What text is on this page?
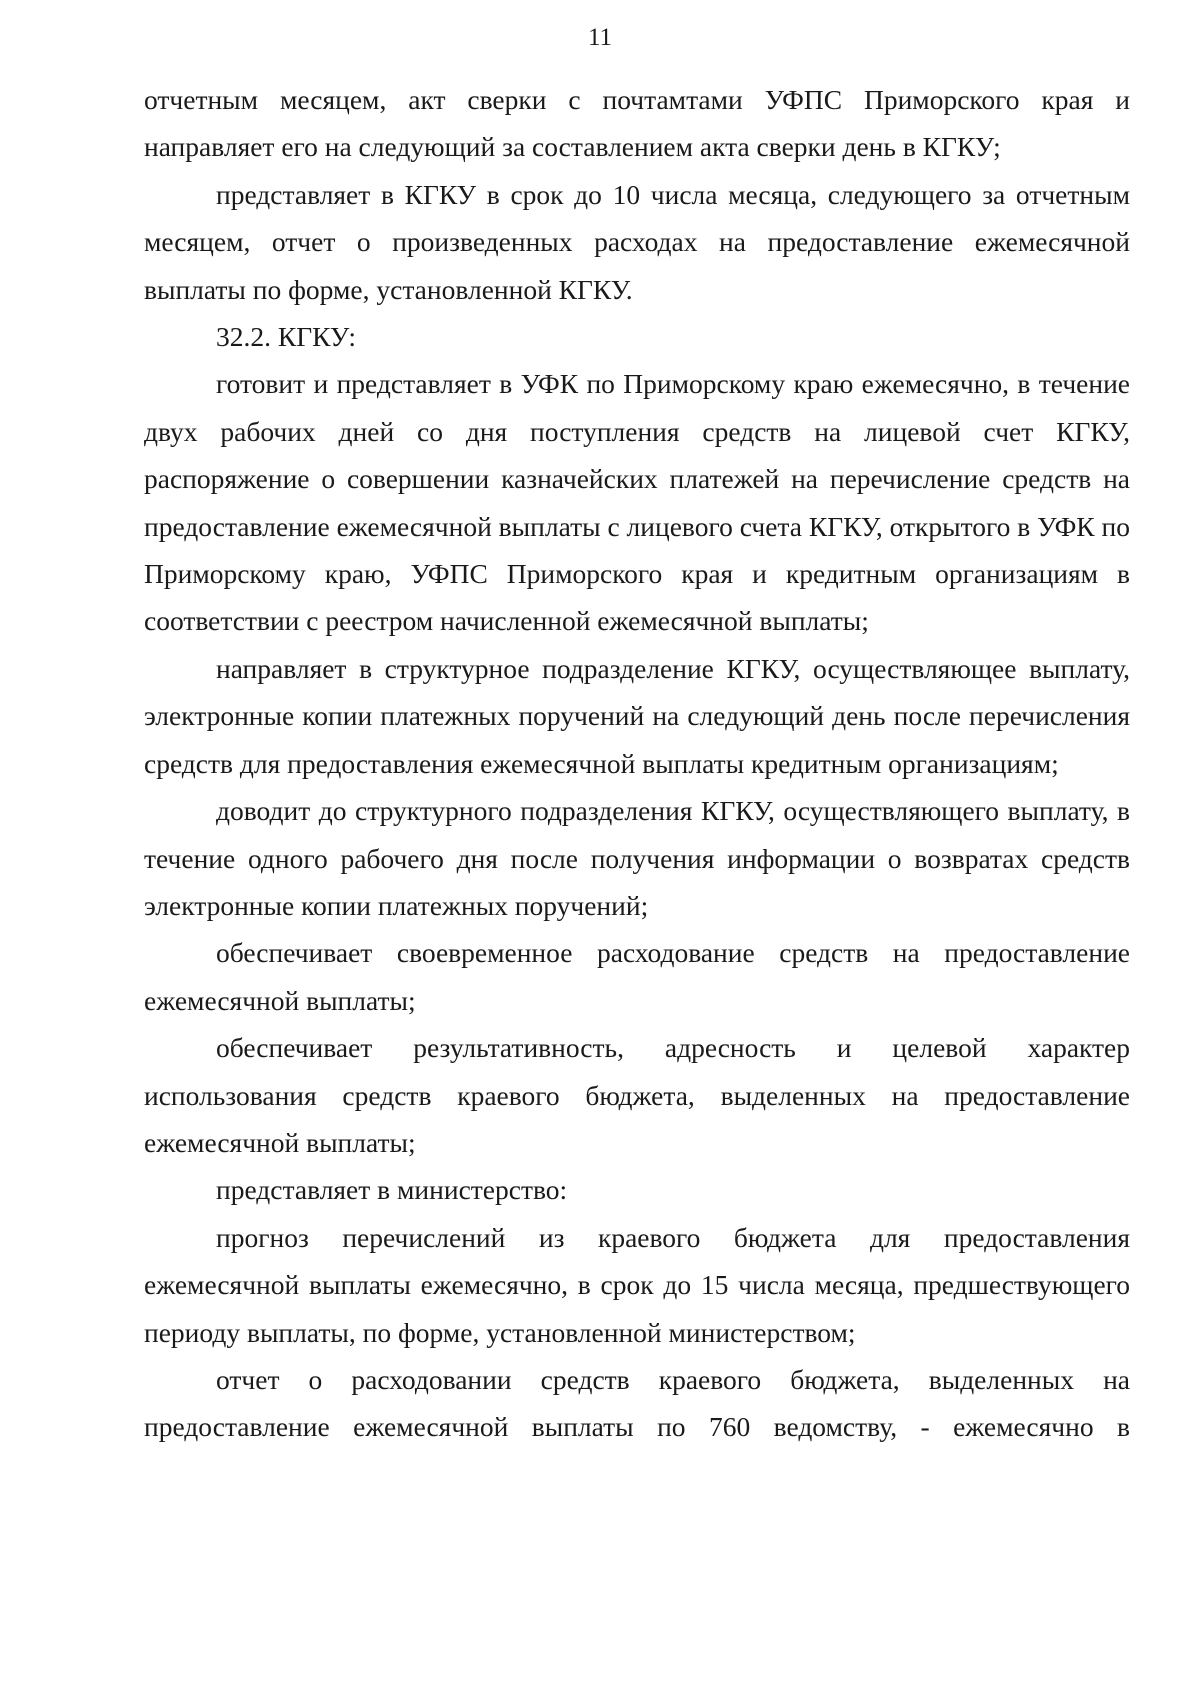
11

отчетным месяцем, акт сверки с почтамтами УФПС Приморского края и направляет его на следующий за составлением акта сверки день в КГКУ;

представляет в КГКУ в срок до 10 числа месяца, следующего за отчетным месяцем, отчет о произведенных расходах на предоставление ежемесячной выплаты по форме, установленной КГКУ.

32.2. КГКУ:

готовит и представляет в УФК по Приморскому краю ежемесячно, в течение двух рабочих дней со дня поступления средств на лицевой счет КГКУ, распоряжение о совершении казначейских платежей на перечисление средств на предоставление ежемесячной выплаты с лицевого счета КГКУ, открытого в УФК по Приморскому краю, УФПС Приморского края и кредитным организациям в соответствии с реестром начисленной ежемесячной выплаты;

направляет в структурное подразделение КГКУ, осуществляющее выплату, электронные копии платежных поручений на следующий день после перечисления средств для предоставления ежемесячной выплаты кредитным организациям;

доводит до структурного подразделения КГКУ, осуществляющего выплату, в течение одного рабочего дня после получения информации о возвратах средств электронные копии платежных поручений;

обеспечивает своевременное расходование средств на предоставление ежемесячной выплаты;

обеспечивает результативность, адресность и целевой характер использования средств краевого бюджета, выделенных на предоставление ежемесячной выплаты;

представляет в министерство:

прогноз перечислений из краевого бюджета для предоставления ежемесячной выплаты ежемесячно, в срок до 15 числа месяца, предшествующего периоду выплаты, по форме, установленной министерством;

отчет о расходовании средств краевого бюджета, выделенных на предоставление ежемесячной выплаты по 760 ведомству, - ежемесячно в
